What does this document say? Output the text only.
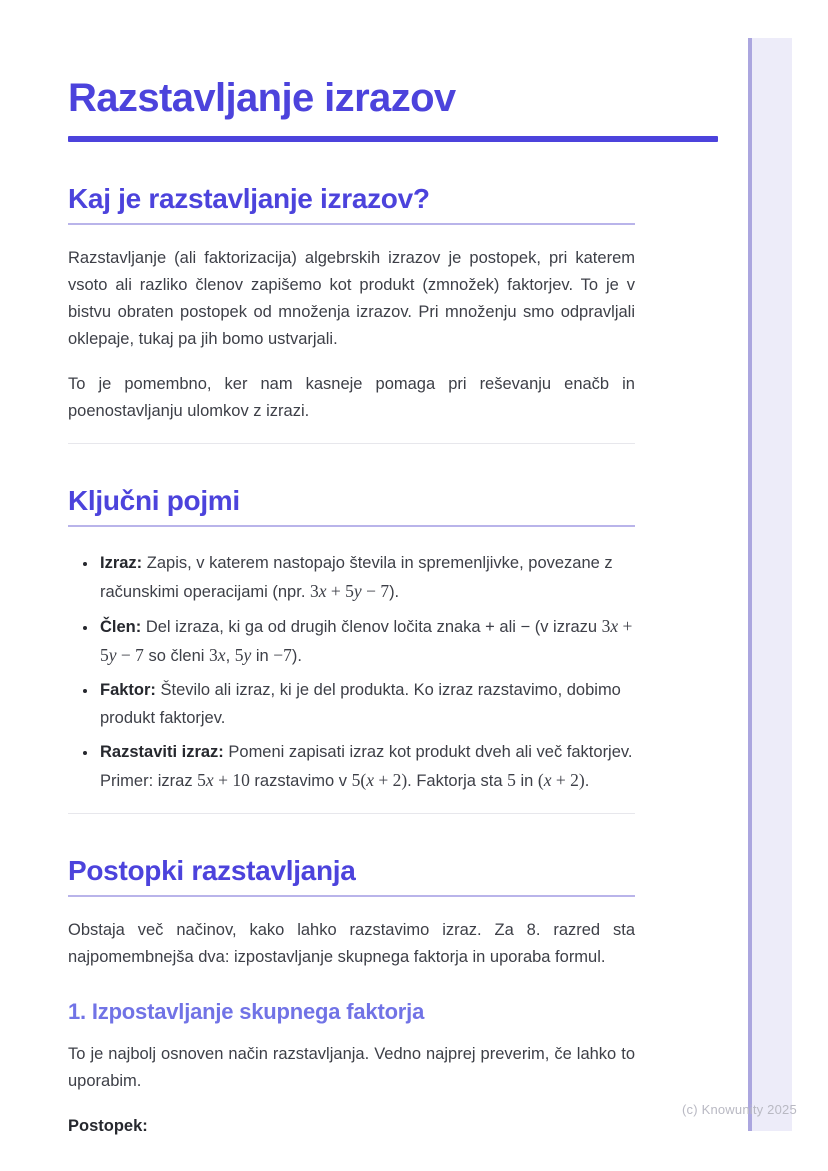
Razstavljanje izrazov
Kaj je razstavljanje izrazov?

Razstavljanje (ali faktorizacija) algebrskih izrazov je postopek, pri katerem vsoto ali razliko členov zapišemo kot produkt (zmnožek) faktorjev. To je v bistvu obraten postopek od množenja izrazov. Pri množenju smo odpravljali oklepaje, tukaj pa jih bomo ustvarjali.

To je pomembno, ker nam kasneje pomaga pri reševanju enačb in poenostavljanju ulomkov z izrazi.

Ključni pojmi
• Izraz: Zapis, v katerem nastopajo števila in spremenljivke, povezane z računskimi operacijami (npr. 3x + 5y − 7).
• Člen: Del izraza, ki ga od drugih členov ločita znaka + ali − (v izrazu 3x + 5y − 7 so členi 3x, 5y in −7).
• Faktor: Število ali izraz, ki je del produkta. Ko izraz razstavimo, dobimo produkt faktorjev.
• Razstaviti izraz: Pomeni zapisati izraz kot produkt dveh ali več faktorjev. Primer: izraz 5x + 10 razstavimo v 5(x + 2). Faktorja sta 5 in (x + 2).
Postopki razstavljanja

Obstaja več načinov, kako lahko razstavimo izraz. Za 8. razred sta najpomembnejša dva: izpostavljanje skupnega faktorja in uporaba formul.

1. Izpostavljanje skupnega faktorja

To je najbolj osnoven način razstavljanja. Vedno najprej preverim, če lahko to uporabim.

Postopek:

(c) Knowunity 2025
